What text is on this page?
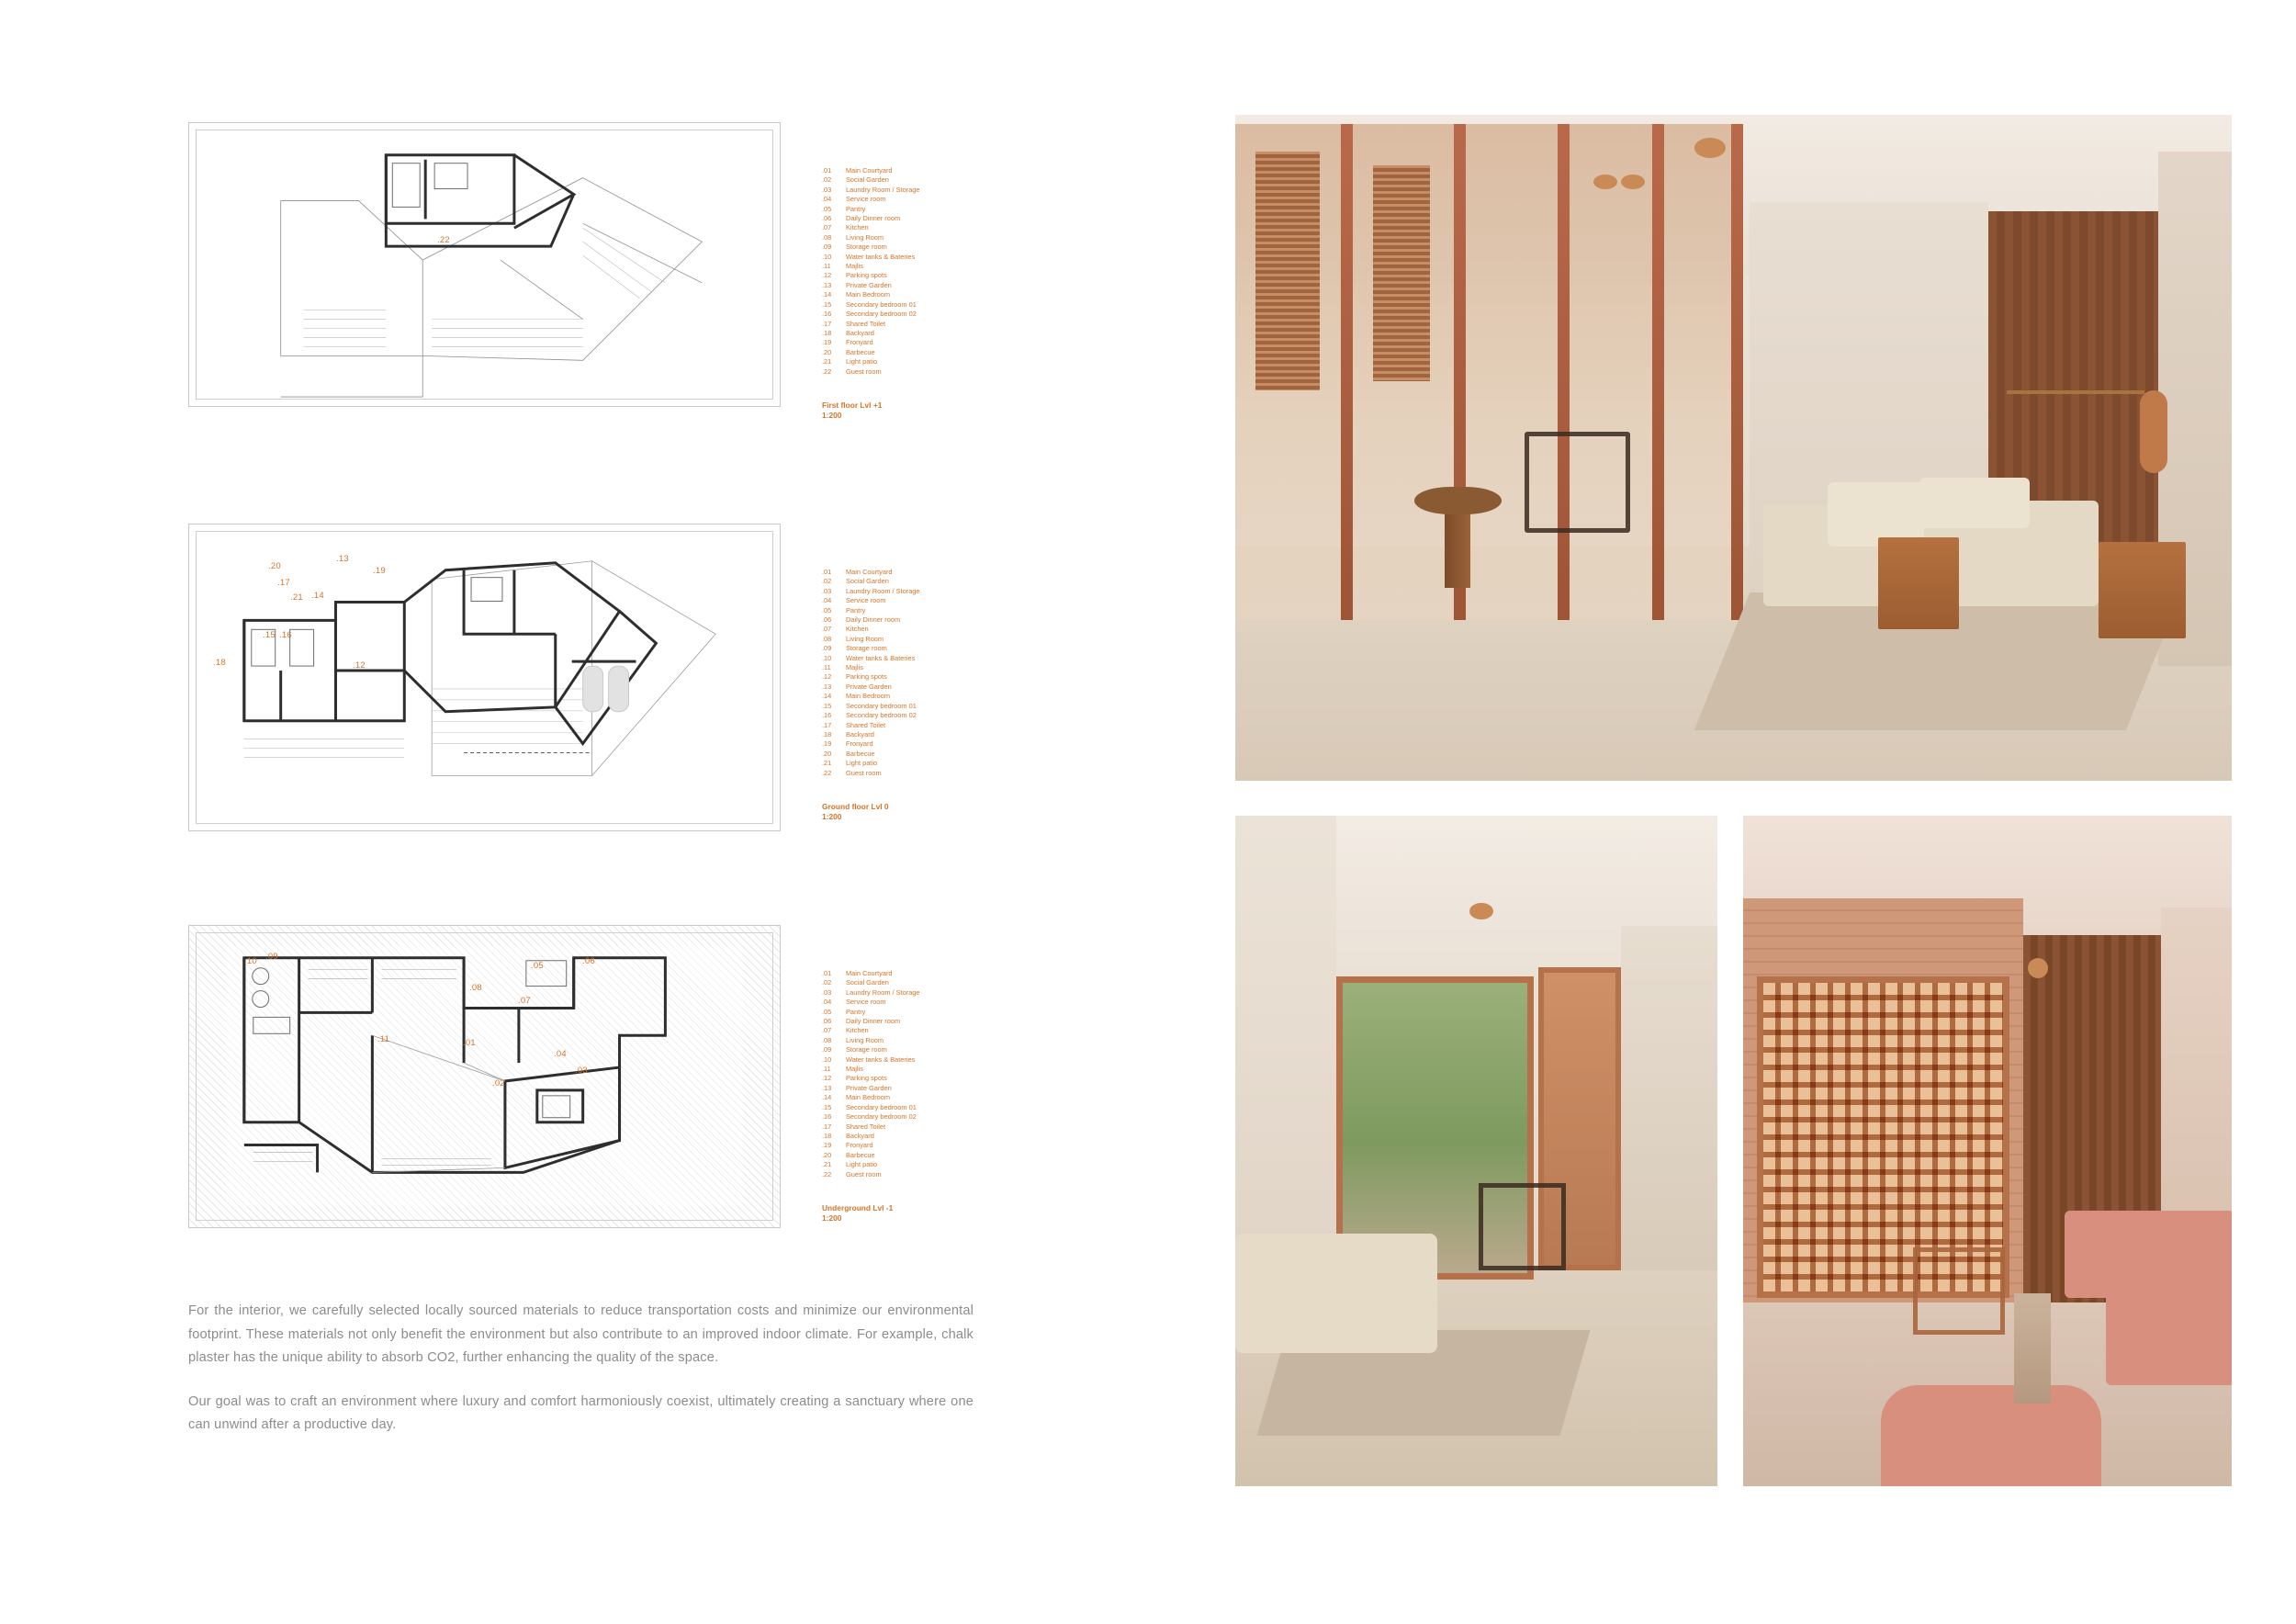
.22
.01	Main Courtyard
.02	Social Garden
.03	Laundry Room / Storage
.04	Service room
.05	Pantry
.06	Daily Dinner room
.07	Kitchen
.08	Living Room
.09	Storage room
.10	Water tanks & Bateries
.11	Majlis
.12	Parking spots
.13	Private Garden
.14	Main Bedroom
.15	Secondary bedroom 01
.16	Secondary bedroom 02
.17	Shared Toilet
.18	Backyard
.19	Fronyard
.20	Barbecue
.21	Light patio
.22	Guest room
First floor Lvl +1
1:200
.20
.21
.17
.14
.13
.19
.15 .16
.18	.12
.01	Main Courtyard
.02	Social Garden
.03	Laundry Room / Storage
.04	Service room
.05	Pantry
.06	Daily Dinner room
.07	Kitchen
.08	Living Room
.09	Storage room
.10	Water tanks & Bateries
.11	Majlis
.12	Parking spots
.13	Private Garden
.14	Main Bedroom
.15	Secondary bedroom 01
.16	Secondary bedroom 02
.17	Shared Toilet
.18	Backyard
.19	Fronyard
.20	Barbecue
.21	Light patio
.22	Guest room
Ground floor Lvl 0
1:200
.10 .09
.05	.06
.08
.07
.11	.01
.04
.03
.02
.01	Main Courtyard
.02	Social Garden
.03	Laundry Room / Storage
.04	Service room
.05	Pantry
.06	Daily Dinner room
.07	Kitchen
.08	Living Room
.09	Storage room
.10	Water tanks & Bateries
.11	Majlis
.12	Parking spots
.13	Private Garden
.14	Main Bedroom
.15	Secondary bedroom 01
.16	Secondary bedroom 02
.17	Shared Toilet
.18	Backyard
.19	Fronyard
.20	Barbecue
.21	Light patio
.22	Guest room
Underground Lvl -1
1:200

For the interior, we carefully selected locally sourced materials to reduce transportation costs and minimize our environmental footprint. These materials not only benefit the environment but also contribute to an improved indoor climate. For example, chalk plaster has the unique ability to absorb CO2, further enhancing the quality of the space.

Our goal was to craft an environment where luxury and comfort harmoniously coexist, ultimately creating a sanctuary where one can unwind after a productive day.
